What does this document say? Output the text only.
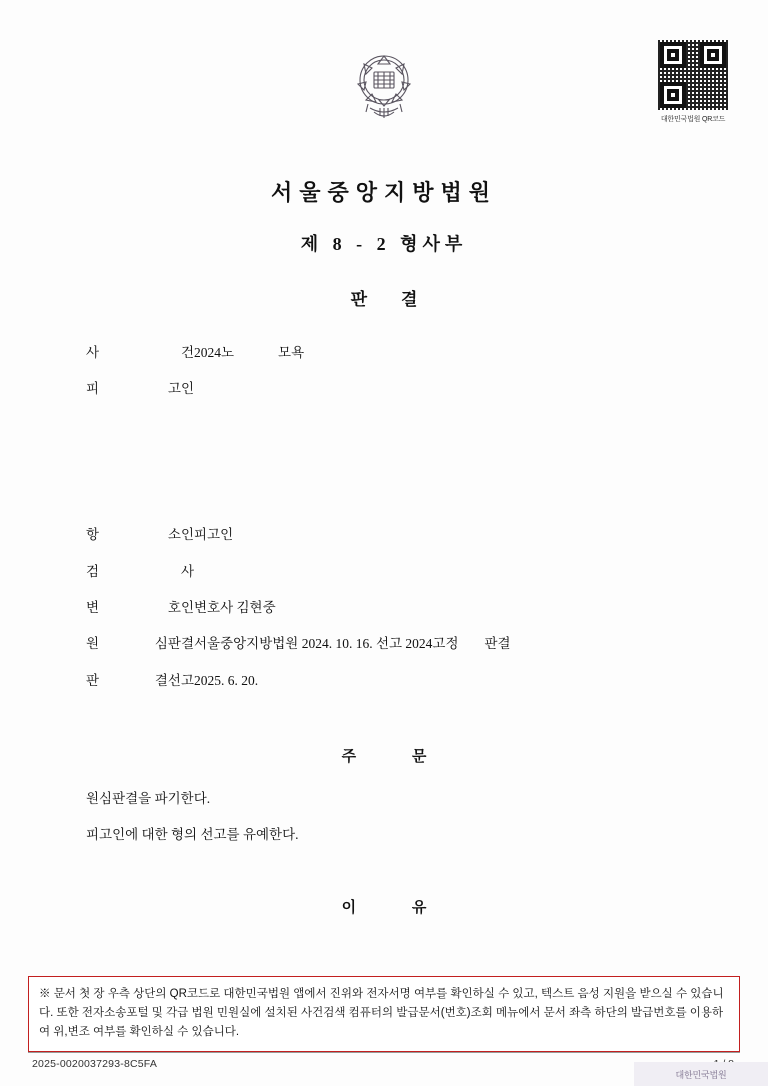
대한민국법원 QR코드
서울중앙지방법원
제 8 - 2 형사부
판결
사	건 2024노	모욕
피	고인
항	소인 피고인
검	사
변	호인 변호사 김현중
원	심판결 서울중앙지방법원 2024. 10. 16. 선고 2024고정 판결
판	결선고 2025. 6. 20.
주 문
원심판결을 파기한다.
피고인에 대한 형의 선고를 유예한다.
이 유
※ 문서 첫 장 우측 상단의 QR코드로 대한민국법원 앱에서 진위와 전자서명 여부를 확인하실 수 있고, 텍스트 음성 지원을 받으실 수 있습니다. 또한 전자소송포털 및 각급 법원 민원실에 설치된 사건검색 컴퓨터의 발급문서(번호)조회 메뉴에서 문서 좌측 하단의 발급번호를 이용하여 위,변조 여부를 확인하실 수 있습니다.
2025-0020037293-8C5FA
대한민국법원
